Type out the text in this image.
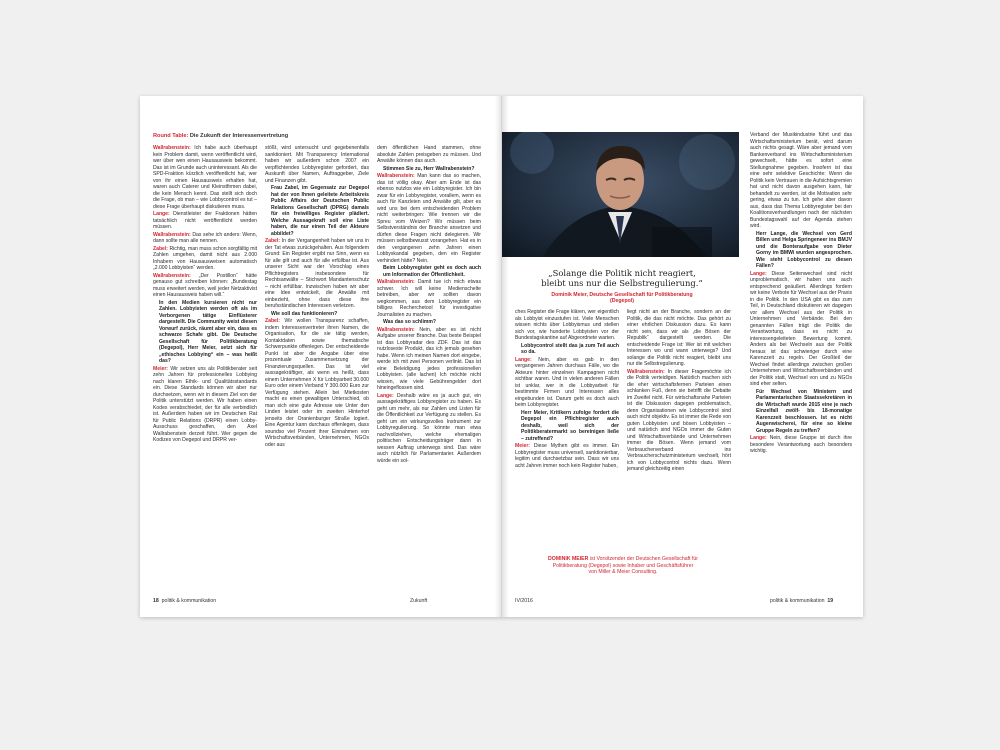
Round Table: Die Zukunft der Interessenvertretung

Wallrabenstein: Ich habe auch überhaupt kein Problem damit, wenn veröffentlicht wird, wer über wen einen Hausausweis bekommt. Das ist im Grunde auch uninteressant. Als die SPD-Fraktion kürzlich veröffentlicht hat, wer von ihr einen Hausausweis erhalten hat, waren auch Caterer und Kleinstfirmen dabei, die kein Mensch kennt. Das stellt sich doch die Frage, ob man – wie Lobbycontrol es tut – diese Frage überhaupt diskutieren muss.

Lange: Dienstleister der Fraktionen hätten tatsächlich nicht veröffentlicht werden müssen.

Wallrabenstein: Das sehe ich anders: Wenn, dann sollte man alle nennen.

Zabel: Richtig, man muss schon sorgfältig mit Zahlen umgehen, damit nicht aus 2.000 Inhabern von Hausausweisen automatisch „2.000 Lobbyisten“ werden.

Wallrabenstein: „Der Postillon“ hätte genauso gut schreiben können: „Bundestag muss erweitert werden, weil jeder Netzaktivist einen Hausausweis haben will.“

In den Medien kursieren nicht nur Zahlen. Lobbyisten werden oft als im Verborgenen tätige Einflüsterer dargestellt. Die Community weist diesen Vorwurf zurück, räumt aber ein, dass es schwarze Schafe gibt. Die Deutsche Gesellschaft für Politikberatung (Degepol), Herr Meier, setzt sich für „ethisches Lobbying“ ein – was heißt das?

Meier: Wir setzen uns als Politikberater seit zehn Jahren für professionelles Lobbying nach klaren Ethik- und Qualitätsstandards ein. Diese Standards können wir aber nur durchsetzen, wenn wir in diesem Ziel von der Politik unterstützt werden. Wir haben einen Kodex verabschiedet, der für alle verbindlich ist. Außerdem haben wir im Deutschen Rat für Public Relations (DRPR) einen Lobby-Ausschuss geschaffen, den Axel Wallrabenstein derzeit führt. Wer gegen die Kodizes von Degepol und DRPR ver-

stößt, wird untersucht und gegebenenfalls sanktioniert. Mit Transparency International haben wir außerdem schon 2007 ein verpflichtendes Lobbyregister gefordert, das Auskunft über Namen, Auftraggeber, Ziele und Finanzen gibt.

Frau Zabel, im Gegensatz zur Degepol hat der von Ihnen geleitete Arbeitskreis Public Affairs der Deutschen Public Relations Gesellschaft (DPRG) damals für ein freiwilliges Register plädiert. Welche Aussagekraft soll eine Liste haben, die nur einen Teil der Akteure abbildet?

Zabel: In der Vergangenheit haben wir uns in der Tat etwas zurückgehalten. Aus folgendem Grund: Ein Register ergibt nur Sinn, wenn es für alle gilt und auch für alle erfüllbar ist. Aus unserer Sicht war der Vorschlag eines Pflichtregisters insbesondere für Rechtsanwälte – Stichwort Mandantenschutz – nicht erfüllbar. Inzwischen haben wir aber eine Idee entwickelt, die Anwälte mit einbezieht, ohne dass diese ihre berufsständischen Interessen verletzen.

Wie soll das funktionieren?

Zabel: Wir wollen Transparenz schaffen, indem Interessenvertreter ihren Namen, die Organisation, für die sie tätig werden, Kontaktdaten sowie thematische Schwerpunkte offenlegen. Der entscheidende Punkt ist aber die Angabe über eine prozentuale Zusammensetzung der Finanzierungsquellen. Das ist viel aussagekräftiger, als wenn es heißt, dass einem Unternehmen X für Lobbyarbeit 30.000 Euro oder einem Verband Y 300.000 Euro zur Verfügung stehen. Allein bei Mietkosten macht es einen gewaltigen Unterschied, ob man sich eine gute Adresse wie Unter den Linden leistet oder im zweiten Hinterhof jenseits der Oranienburger Straße logiert. Eine Agentur kann durchaus offenlegen, dass soundso viel Prozent ihrer Einnahmen von Wirtschaftsverbänden, Unternehmen, NGOs oder aus

dem öffentlichen Hand stammen, ohne absolute Zahlen preisgeben zu müssen. Und Anwälte können das auch.

Stimmen Sie zu, Herr Wallrabenstein?

Wallrabenstein: Man kann das so machen, das ist völlig okay. Aber am Ende ist das ebenso nutzlos wie ein Lobbyregister. Ich bin zwar für ein Lobbyregister, vorallem, wenn es auch für Kanzleien und Anwälte gilt, aber es wird uns bei dem entscheidenden Problem nicht weiterbringen: Wie trennen wir die Spreu vom Weizen? Wir müssen beim Selbstverständnis der Branche ansetzen und dürfen diese Fragen nicht delegieren. Wir müssen selbstbewusst vorangehen. Hat es in den vergangenen zehn Jahren einen Lobbyskandal gegeben, den ein Register verhindert hätte? Nein.

Beim Lobbyregister geht es doch auch um Information der Öffentlichkeit.

Wallrabenstein: Damit tue ich mich etwas schwer. Ich will keine Medienschelte betreiben, aber wir sollten davon wegkommen, aus dem Lobbyregister ein billiges Recherchetool für investigative Journalisten zu machen.

Was das so schlimm?

Wallrabenstein: Nein, aber es ist nicht Aufgabe unserer Branche. Das beste Beispiel ist das Lobbyradar des ZDF. Das ist das nutzloseste Produkt, das ich jemals gesehen habe. Wenn ich meinen Namen dort eingebe, werde ich mit zwei Personen verlinkt. Das ist eine Beleidigung jedes professionellen Lobbyisten. (alle lachen) Ich möchte nicht wissen, wie viele Gebührengelder dort hineingeflossen sind.

Lange: Deshalb wäre es ja auch gut, ein aussagekräftiges Lobbyregister zu haben. Es geht um mehr, als nur Zahlen und Listen für die Öffentlichkeit zur Verfügung zu stellen. Es geht um ein wirkungsvolles Instrument zur Lobbyregulierung. So könnte man etwa nachvollziehen, welche ehemaligen politischen Entscheidungsträger dann in wessen Auftrag unterwegs sind. Das wäre auch nützlich für Parlamentarier. Außerdem würde ein sol-

18 politik & kommunikation	Zukunft
„Solange die Politik nicht reagiert, bleibt uns nur die Selbstregulierung.“
Dominik Meier, Deutsche Gesellschaft für Politikberatung (Degepol)

ches Register die Frage klären, wer eigentlich als Lobbyist einzustufen ist. Viele Menschen wissen nichts über Lobbyismus und stellen sich vor, wie hunderte Lobbyisten vor der Bundestagskantine auf Abgeordnete warten.

Lobbycontrol stellt das ja zum Teil auch so da.

Lange: Nein, aber es gab in den vergangenen Jahren durchaus Fälle, wo die Akteure hinter einzelnen Kampagnen nicht sichtbar waren. Und in vielen anderen Fällen ist unklar, wer in die Lobbyarbeit für bestimmte Firmen und Interessen alles eingebunden ist. Darum geht es doch auch beim Lobbyregister.

Herr Meier, Kritikern zufolge fordert die Degepol ein Pflichtregister auch deshalb, weil sich der Politikberatermarkt so bereinigen ließe – zutreffend?

Meier: Diese Mythen gibt es immer. Ein Lobbyregister muss universell, sanktionierbar, legitim und durchsetzbar sein. Dass wir uns acht Jahren immer noch kein Register haben,

liegt nicht an der Branche, sondern an der Politik, die das nicht möchte. Das gehört zu einer ehrlichen Diskussion dazu. Es kann nicht sein, dass wir als „die Bösen der Republik“ dargestellt werden. Die entscheidende Frage ist: Wer ist mit welchen Interessen wo und wann unterwegs? Und solange die Politik nicht reagiert, bleibt uns nur die Selbstregulierung.

Wallrabenstein: In dieser Fragemöchte ich die Politik verteidigen. Natürlich machen sich die eher wirtschaftsfernen Parteien einen schlanken Fuß, denn sie betrifft die Debatte im Zweifel nicht. Für wirtschaftsnahe Parteien ist die Diskussion dagegen problematisch, denn Organisationen wie Lobbycontrol sind auch nicht objektiv. Es ist immer die Rede von guten Lobbyisten und bösen Lobbyisten – und natürlich sind NGOs immer die Guten und Wirtschaftsverbände und Unternehmen immer die Bösen. Wenn jemand vom Verbraucherverband ins Verbraucherschutzministerium wechselt, hört ich von Lobbycontrol nichts dazu. Wenn jemand gleichzeitig einen

Verband der Musikindustrie führt und das Wirtschaftsministerium berät, wird darum auch nichts gesagt. Wäre aber jemand vom Bankenverband ins Wirtschaftsministerium gewechselt, hätte es sofort eine Stellungnahme gegeben. Insofern ist das eine sehr selektive Geschichte: Wenn die Politik kein Vertrauen in die Aufsichtsgremien hat und nicht davon ausgehen kann, fair behandelt zu werden, ist die Motivation sehr gering, etwas zu tun. Ich gehe aber davon aus, dass das Thema Lobbyregister bei den Koalitionsverhandlungen nach der nächsten Bundestagswahl auf der Agenda stehen wird.

Herr Lange, die Wechsel von Gerd Billen und Helga Springeneer ins BMJV und die Bonteraufgabe von Dieter Gorny im BMWi wurden angesprochen. Wie steht Lobbycontrol zu diesen Fällen?

Lange: Diese Seitenwechsel sind nicht unproblematisch, wir haben uns auch entsprechend geäußert. Allerdings fordern wir keine Verbote für Wechsel aus der Praxis in die Politik. In den USA gibt es das zum Teil, in Deutschland diskutieren wir dagegen vor allem Wechsel aus der Politik in Unternehmen und Verbände. Bei den genannten Fällen trägt die Politik die Verantwortung, dass es nicht zu interessengeleiteten Bewertung kommt. Anders als bei Wechseln aus der Politik heraus ist das schwieriger durch eine Karenzzeit zu regeln. Der Großteil der Wechsel findet allerdings zwischen großen Unternehmen und Wirtschaftsverbänden und der Politik statt, Wechsel von und zu NGOs sind eher selten.

Für Wechsel von Ministern und Parlamentarischen Staatssekretären in die Wirtschaft wurde 2015 eine je nach Einzelfall zwölf- bis 18-monatige Karenzzeit beschlossen. Ist es nicht Augenwischerei, für eine so kleine Gruppe Regeln zu treffen?

Lange: Nein, diese Gruppe ist durch ihre besondere Verantwortung auch besonders wichtig.

DOMINIK MEIER ist Vorsitzender der Deutschen Gesellschaft für Politikberatung (Degepol) sowie Inhaber und Geschäftsführer von Miller & Meier Consulting.
IV/2016	politik & kommunikation 19
